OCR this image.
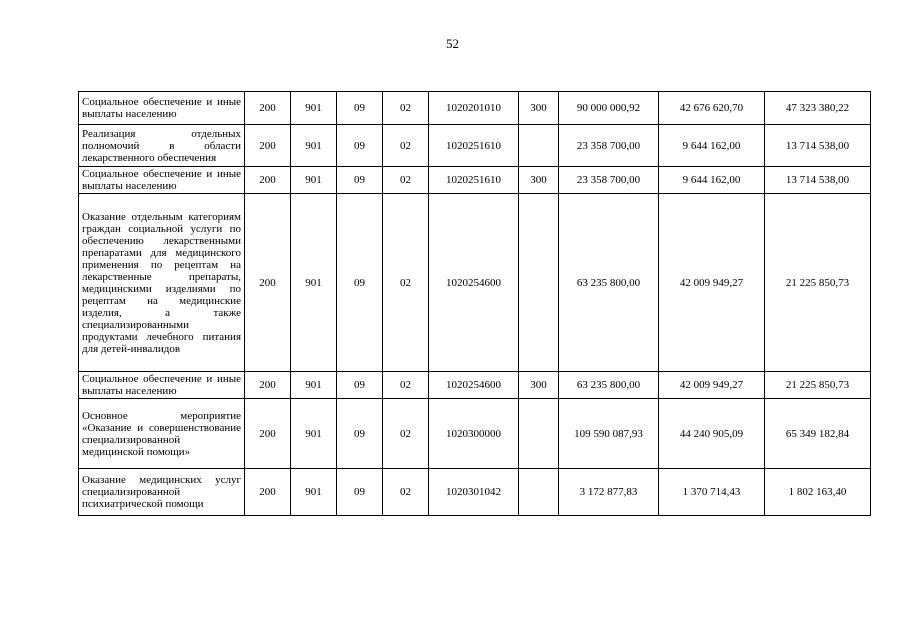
52
Социальное обеспечение и иные выплаты населению	200	901	09	02	1020201010	300	90 000 000,92	42 676 620,70	47 323 380,22
Реализация отдельных полномочий в области лекарственного обеспечения	200	901	09	02	1020251610		23 358 700,00	9 644 162,00	13 714 538,00
Социальное обеспечение и иные выплаты населению	200	901	09	02	1020251610	300	23 358 700,00	9 644 162,00	13 714 538,00
Оказание отдельным категориям граждан социальной услуги по обеспечению лекарственными препаратами для медицинского применения по рецептам на лекарственные препараты, медицинскими изделиями по рецептам на медицинские изделия, а также специализированными продуктами лечебного питания для детей-инвалидов	200	901	09	02	1020254600		63 235 800,00	42 009 949,27	21 225 850,73
Социальное обеспечение и иные выплаты населению	200	901	09	02	1020254600	300	63 235 800,00	42 009 949,27	21 225 850,73
Основное мероприятие «Оказание и совершенствование специализированной медицинской помощи»	200	901	09	02	1020300000		109 590 087,93	44 240 905,09	65 349 182,84
Оказание медицинских услуг специализированной психиатрической помощи	200	901	09	02	1020301042		3 172 877,83	1 370 714,43	1 802 163,40
